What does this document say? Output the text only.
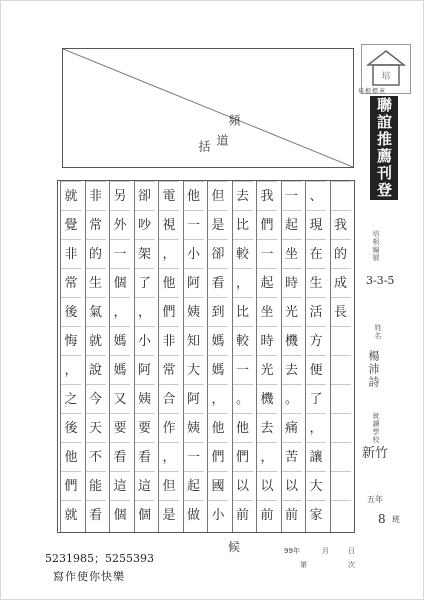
頻
道
括
培
培根標章
聯誼推薦刊登
培根編號
3-3-5
姓名
楊沛詩
就讀學校
新竹
五年
8 班
我
的
成
長
、
現
在
生
活
方
便
了
，
讓
大
家
一
起
坐
時
光
機
去
。
痛
苦
以
前
我
們
一
起
坐
時
光
機
去
，
以
前
去
比
較
，
比
較
一
。
他
們
以
前
但
是
卻
看
到
媽
媽
，
他
們
國
小
他
一
小
阿
姨
知
大
阿
姨
一
起
做
電
視
，
他
們
非
常
合
作
，
但
是
卻
吵
架
了
，
小
阿
姨
要
看
這
個
另
外
一
個
，
媽
媽
又
要
看
這
個
非
常
的
生
氣
就
說
今
天
不
能
看
就
覺
非
常
後
悔
，
之
後
他
們
就
5231985；5255393
寫作使你快樂
候	99年	月	日
第	次
